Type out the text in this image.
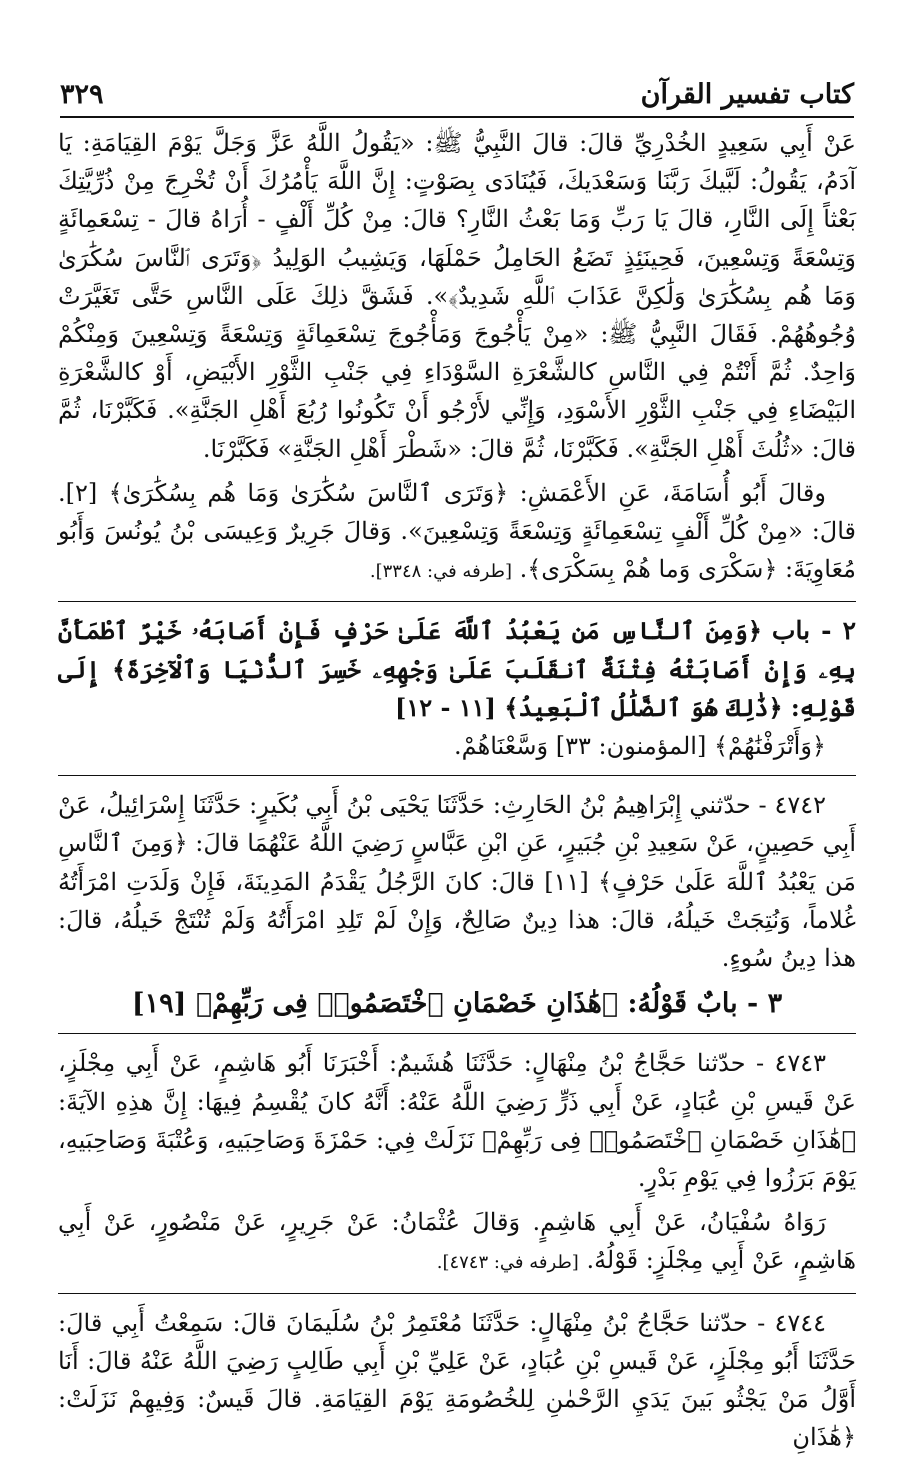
كتاب تفسير القرآن
٣٢٩

عَنْ أَبِي سَعِيدٍ الخُدْرِيِّ قالَ: قالَ النَّبِيُّ ﷺ: «يَقُولُ اللَّهُ عَزَّ وَجَلَّ يَوْمَ القِيَامَةِ: يَا آدَمُ، يَقُولُ: لَبَّيكَ رَبَّنَا وَسَعْدَيكَ، فَيُنَادَى بِصَوْتٍ: إِنَّ اللَّهَ يَأْمُرُكَ أَنْ تُخْرِجَ مِنْ ذُرِّيَّتِكَ بَعْثاً إِلَى النَّارِ، قالَ يَا رَبِّ وَمَا بَعْثُ النَّارِ؟ قالَ: مِنْ كُلِّ أَلْفٍ - أُرَاهُ قالَ - تِسْعَمِائَةٍ وَتِسْعَةً وَتِسْعِينَ، فَحِينَئِذٍ تَضَعُ الحَامِلُ حَمْلَهَا، وَيَشِيبُ الوَلِيدُ ﴿وَتَرَى ٱلنَّاسَ سُكَٰرَىٰ وَمَا هُم بِسُكَٰرَىٰ وَلَٰكِنَّ عَذَابَ ٱللَّهِ شَدِيدٌ﴾». فَشَقَّ ذلِكَ عَلَى النَّاسِ حَتَّى تَغَيَّرَتْ وُجُوهُهُمْ. فَقَالَ النَّبِيُّ ﷺ: «مِنْ يَأْجُوجَ وَمَأْجُوجَ تِسْعَمِائَةٍ وَتِسْعَةً وَتِسْعِينَ وَمِنْكُمْ وَاحِدٌ. ثُمَّ أَنْتُمْ فِي النَّاسِ كالشَّعْرَةِ السَّوْدَاءِ فِي جَنْبِ الثَّوْرِ الأَبْيَضِ، أَوْ كالشَّعْرَةِ البَيْضَاءِ فِي جَنْبِ الثَّوْرِ الأَسْوَدِ، وَإِنِّي لأَرْجُو أَنْ تَكُونُوا رُبُعَ أَهْلِ الجَنَّةِ». فَكَبَّرْنَا، ثُمَّ قالَ: «ثُلُثَ أَهْلِ الجَنَّةِ». فَكَبَّرْنَا، ثُمَّ قالَ: «شَطْرَ أَهْلِ الجَنَّةِ» فَكَبَّرْنَا.

وقالَ أَبُو أُسَامَةَ، عَنِ الأَعْمَشِ: ﴿وَتَرَى ٱلنَّاسَ سُكَٰرَىٰ وَمَا هُم بِسُكَٰرَىٰ﴾ [٢]. قالَ: «مِنْ كُلِّ أَلْفٍ تِسْعَمِائَةٍ وَتِسْعَةً وَتِسْعِينَ». وَقالَ جَرِيرٌ وَعِيسَى بْنُ يُونُسَ وَأَبُو مُعَاوِيَةَ: ﴿سَكْرَى وَما هُمْ بِسَكْرَى﴾. [طرفه في: ٣٣٤٨].

٢ - باب ﴿وَمِنَ ٱلنَّاسِ مَن يَعْبُدُ ٱللَّهَ عَلَىٰ حَرْفٍ فَإِنْ أَصَابَهُۥ خَيْرٌ ٱطْمَأَنَّ بِهِۦ وَإِنْ أَصَابَتْهُ فِتْنَةٌ ٱنقَلَبَ عَلَىٰ وَجْهِهِۦ خَسِرَ ٱلدُّنْيَا وَٱلْآخِرَةَ﴾ إِلَى قَوْلِهِ: ﴿ذَٰلِكَ هُوَ ٱلضَّلَٰلُ ٱلْبَعِيدُ﴾ [١١ - ١٢]

﴿وَأَتْرَفْنَٰهُمْ﴾ [المؤمنون: ٣٣] وَسَّعْنَاهُمْ.

٤٧٤٢ - حدّثني إِبْرَاهِيمُ بْنُ الحَارِثِ: حَدَّثَنَا يَحْيَى بْنُ أَبِي بُكَيرٍ: حَدَّثَنَا إِسْرَائِيلُ، عَنْ أَبِي حَصِينٍ، عَنْ سَعِيدِ بْنِ جُبَيرٍ، عَنِ ابْنِ عَبَّاسٍ رَضِيَ اللَّهُ عَنْهُمَا قالَ: ﴿وَمِنَ ٱلنَّاسِ مَن يَعْبُدُ ٱللَّهَ عَلَىٰ حَرْفٍ﴾ [١١] قالَ: كانَ الرَّجُلُ يَقْدَمُ المَدِينَةَ، فَإِنْ وَلَدَتِ امْرَأَتُهُ غُلاماً، وَنُتِجَتْ خَيلُهُ، قالَ: هذا دِينٌ صَالِحٌ، وَإِنْ لَمْ تَلِدِ امْرَأَتُهُ وَلَمْ تُنْتَجْ خَيلُهُ، قالَ: هذا دِينُ سُوءٍ.

٣ - بابٌ قَوْلُهُ: ﴿هَٰذَانِ خَصْمَانِ ٱخْتَصَمُوا۟ فِى رَبِّهِمْ﴾ [١٩]

٤٧٤٣ - حدّثنا حَجَّاجُ بْنُ مِنْهَالٍ: حَدَّثَنَا هُشَيمٌ: أَخْبَرَنَا أَبُو هَاشِمٍ، عَنْ أَبِي مِجْلَزٍ، عَنْ قَيسِ بْنِ عُبَادٍ، عَنْ أَبِي ذَرٍّ رَضِيَ اللَّهُ عَنْهُ: أَنَّهُ كانَ يُقْسِمُ فِيهَا: إِنَّ هذِهِ الآيَةَ: ﴿هَٰذَانِ خَصْمَانِ ٱخْتَصَمُوا۟ فِى رَبِّهِمْ﴾ نَزَلَتْ فِي: حَمْزَةَ وَصَاحِبَيهِ، وَعُتْبَةَ وَصَاحِبَيهِ، يَوْمَ بَرَزُوا فِي يَوْمِ بَدْرٍ.

رَوَاهُ سُفْيَانُ، عَنْ أَبِي هَاشِمٍ. وَقالَ عُثْمَانُ: عَنْ جَرِيرٍ، عَنْ مَنْصُورٍ، عَنْ أَبِي هَاشِمٍ، عَنْ أَبِي مِجْلَزٍ: قَوْلُهُ. [طرفه في: ٤٧٤٣].

٤٧٤٤ - حدّثنا حَجَّاجُ بْنُ مِنْهَالٍ: حَدَّثَنَا مُعْتَمِرُ بْنُ سُلَيمَانَ قالَ: سَمِعْتُ أَبِي قالَ: حَدَّثَنَا أَبُو مِجْلَزٍ، عَنْ قَيسِ بْنِ عُبَادٍ، عَنْ عَلِيِّ بْنِ أَبِي طَالِبٍ رَضِيَ اللَّهُ عَنْهُ قالَ: أَنَا أَوَّلُ مَنْ يَجْثُو بَينَ يَدَيِ الرَّحْمٰنِ لِلخُصُومَةِ يَوْمَ القِيَامَةِ. قالَ قَيسٌ: وَفِيهِمْ نَزَلَتْ: ﴿هَٰذَانِ
